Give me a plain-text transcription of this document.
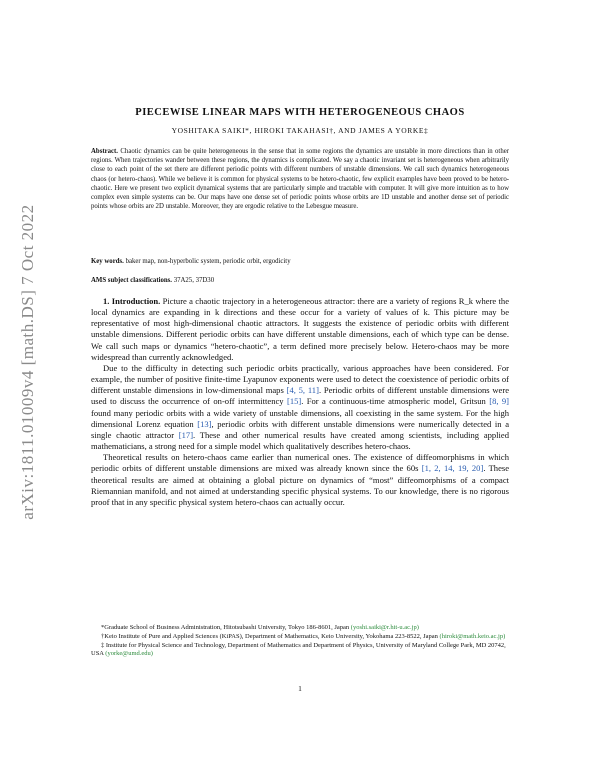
arXiv:1811.01009v4 [math.DS] 7 Oct 2022
PIECEWISE LINEAR MAPS WITH HETEROGENEOUS CHAOS
YOSHITAKA SAIKI*, HIROKI TAKAHASI†, AND JAMES A YORKE‡
Abstract. Chaotic dynamics can be quite heterogeneous in the sense that in some regions the dynamics are unstable in more directions than in other regions. When trajectories wander between these regions, the dynamics is complicated. We say a chaotic invariant set is heterogeneous when arbitrarily close to each point of the set there are different periodic points with different numbers of unstable dimensions. We call such dynamics heterogeneous chaos (or hetero-chaos). While we believe it is common for physical systems to be hetero-chaotic, few explicit examples have been proved to be hetero-chaotic. Here we present two explicit dynamical systems that are particularly simple and tractable with computer. It will give more intuition as to how complex even simple systems can be. Our maps have one dense set of periodic points whose orbits are 1D unstable and another dense set of periodic points whose orbits are 2D unstable. Moreover, they are ergodic relative to the Lebesgue measure.
Key words. baker map, non-hyperbolic system, periodic orbit, ergodicity
AMS subject classifications. 37A25, 37D30

1. Introduction. Picture a chaotic trajectory in a heterogeneous attractor: there are a variety of regions R_k where the local dynamics are expanding in k directions and these occur for a variety of values of k. This picture may be representative of most high-dimensional chaotic attractors. It suggests the existence of periodic orbits with different unstable dimensions. Different periodic orbits can have different unstable dimensions, each of which type can be dense. We call such maps or dynamics “hetero-chaotic”, a term defined more precisely below. Hetero-chaos may be more widespread than currently acknowledged.

Due to the difficulty in detecting such periodic orbits practically, various approaches have been considered. For example, the number of positive finite-time Lyapunov exponents were used to detect the coexistence of periodic orbits of different unstable dimensions in low-dimensional maps [4, 5, 11]. Periodic orbits of different unstable dimensions were used to discuss the occurrence of on-off intermittency [15]. For a continuous-time atmospheric model, Gritsun [8, 9] found many periodic orbits with a wide variety of unstable dimensions, all coexisting in the same system. For the high dimensional Lorenz equation [13], periodic orbits with different unstable dimensions were numerically detected in a single chaotic attractor [17]. These and other numerical results have created among scientists, including applied mathematicians, a strong need for a simple model which qualitatively describes hetero-chaos.

Theoretical results on hetero-chaos came earlier than numerical ones. The existence of diffeomorphisms in which periodic orbits of different unstable dimensions are mixed was already known since the 60s [1, 2, 14, 19, 20]. These theoretical results are aimed at obtaining a global picture on dynamics of “most” diffeomorphisms of a compact Riemannian manifold, and not aimed at understanding specific physical systems. To our knowledge, there is no rigorous proof that in any specific physical system hetero-chaos can actually occur.

*Graduate School of Business Administration, Hitotsubashi University, Tokyo 186-8601, Japan (yoshi.saiki@r.hit-u.ac.jp)

†Keio Institute of Pure and Applied Sciences (KiPAS), Department of Mathematics, Keio University, Yokohama 223-8522, Japan (hiroki@math.keio.ac.jp)

‡ Institute for Physical Science and Technology, Department of Mathematics and Department of Physics, University of Maryland College Park, MD 20742, USA (yorke@umd.edu)

1
